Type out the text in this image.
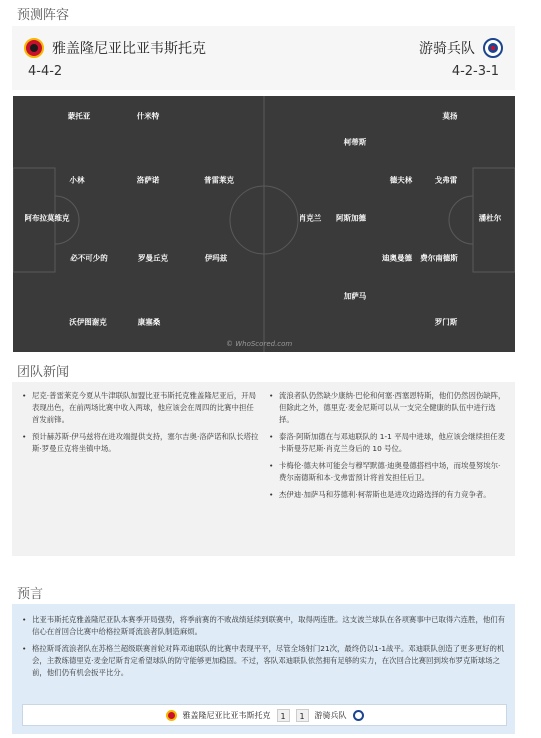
预测阵容
雅盖隆尼亚比亚韦斯托克	游骑兵队
4-4-2	4-2-3-1
蒙托亚	什米特
小林	洛萨诺	普雷莱克
阿布拉莫维克
必不可少的	罗曼丘克	伊玛兹
沃伊图谢克	康塞桑
莫扬
柯蒂斯
德夫林	戈弗雷
肖克兰 阿斯加德	潘杜尔
迪奥曼德 费尔南德斯
加萨马
罗门斯
© WhoScored.com
团队新闻
• 尼克·普雷莱克今夏从牛津联队加盟比亚韦斯托克雅盖隆尼亚后，开局表现出色，在前两场比赛中收入两球，他应该会在周四的比赛中担任首发前锋。
• 预计赫苏斯·伊马兹将在进攻端提供支持，塞尔吉奥·洛萨诺和队长塔拉斯·罗曼丘克将坐镇中场。
• 流浪者队仍然缺少康纳·巴伦和何塞·西塞恩特斯，他们仍然因伤缺阵，但除此之外，德里克·麦金尼斯可以从一支完全健康的队伍中进行选择。
• 泰洛·阿斯加德在与邓迪联队的 1-1 平局中进球，他应该会继续担任麦卡斯曼芬尼斯·肖克兰身后的 10 号位。
• 卡梅伦·德夫林可能会与穆罕默德·迪奥曼德搭档中场，而埃曼努埃尔·费尔南德斯和本·戈弗雷预计将首发担任后卫。
• 杰伊迪·加萨马和芬德利·柯蒂斯也是进攻边路选择的有力竞争者。
预言
• 比亚韦斯托克雅盖隆尼亚队本赛季开局强势，将季前赛的不败战绩延续到联赛中，取得两连胜。这支波兰球队在各项赛事中已取得六连胜，他们有信心在首回合比赛中给格拉斯哥流浪者队制造麻烦。
• 格拉斯哥流浪者队在苏格兰超级联赛首轮对阵邓迪联队的比赛中表现平平，尽管全场射门21次，最终仍以1-1战平。邓迪联队创造了更多更好的机会，主教练德里克·麦金尼斯肯定希望球队的防守能够更加稳固。不过，客队邓迪联队依然拥有足够的实力，在次回合比赛回到埃布罗克斯球场之前，他们仍有机会扳平比分。
雅盖隆尼亚比亚韦斯托克	1	1	游骑兵队
